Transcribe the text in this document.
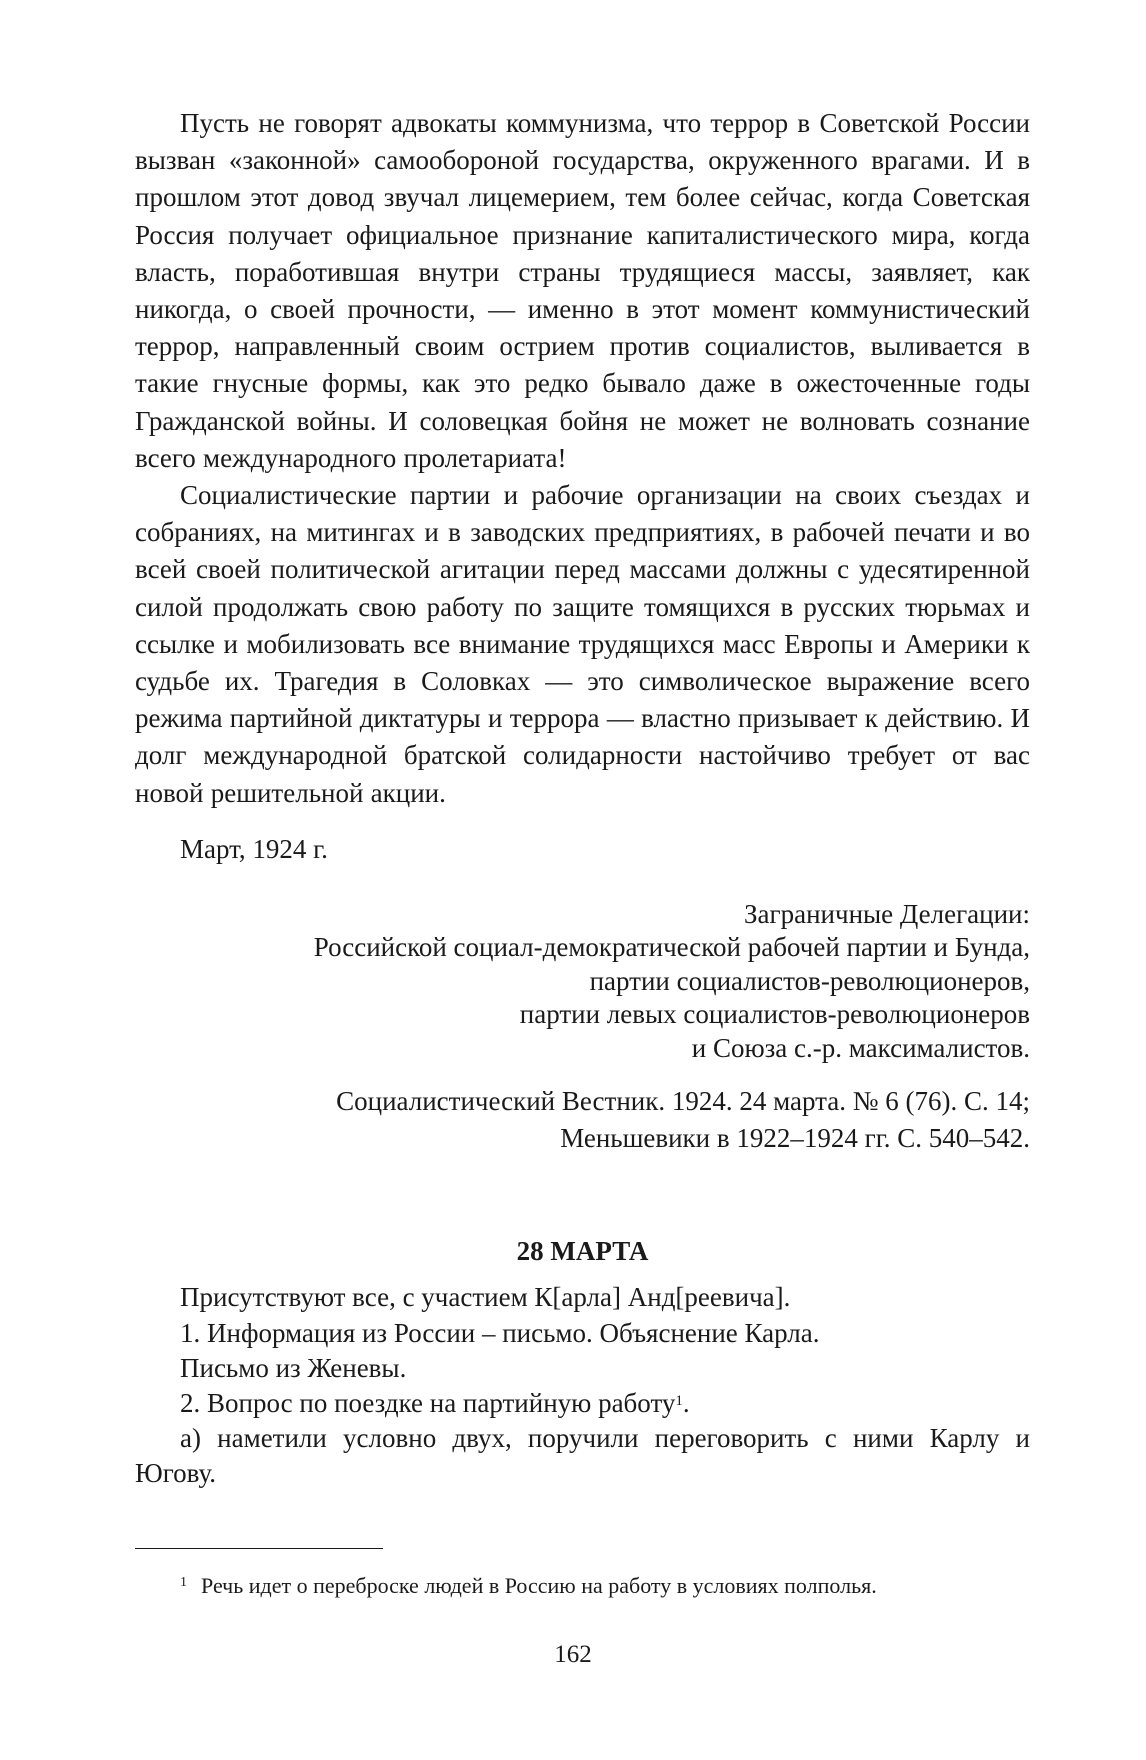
Пусть не говорят адвокаты коммунизма, что террор в Советской России вызван «законной» самообороной государства, окруженного врагами. И в прошлом этот довод звучал лицемерием, тем более сейчас, когда Советская Россия получает официальное признание капиталистического мира, когда власть, поработившая внутри страны трудящиеся массы, заявляет, как никогда, о своей прочности, — именно в этот момент коммунистический террор, направленный своим острием против социалистов, выливается в такие гнусные формы, как это редко бывало даже в ожесточенные годы Гражданской войны. И соловецкая бойня не может не волновать сознание всего международного пролетариата!

Социалистические партии и рабочие организации на своих съездах и собраниях, на митингах и в заводских предприятиях, в рабочей печати и во всей своей политической агитации перед массами должны с удесятиренной силой продолжать свою работу по защите томящихся в русских тюрьмах и ссылке и мобилизовать все внимание трудящихся масс Европы и Америки к судьбе их. Трагедия в Соловках — это символическое выражение всего режима партийной диктатуры и террора — властно призывает к действию. И долг международной братской солидарности настойчиво требует от вас новой решительной акции.

Март, 1924 г.

Заграничные Делегации:
Российской социал-демократической рабочей партии и Бунда,
партии социалистов-революционеров,
партии левых социалистов-революционеров
и Союза с.-р. максималистов.
Социалистический Вестник. 1924. 24 марта. № 6 (76). С. 14;
Меньшевики в 1922–1924 гг. С. 540–542.
28 МАРТА

Присутствуют все, с участием К[арла] Анд[реевича].

1. Информация из России – письмо. Объяснение Карла.

Письмо из Женевы.

2. Вопрос по поездке на партийную работу$^1$.

а) наметили условно двух, поручили переговорить с ними Карлу и Югову.

$^1$ Речь идет о переброске людей в Россию на работу в условиях полполья.
162
